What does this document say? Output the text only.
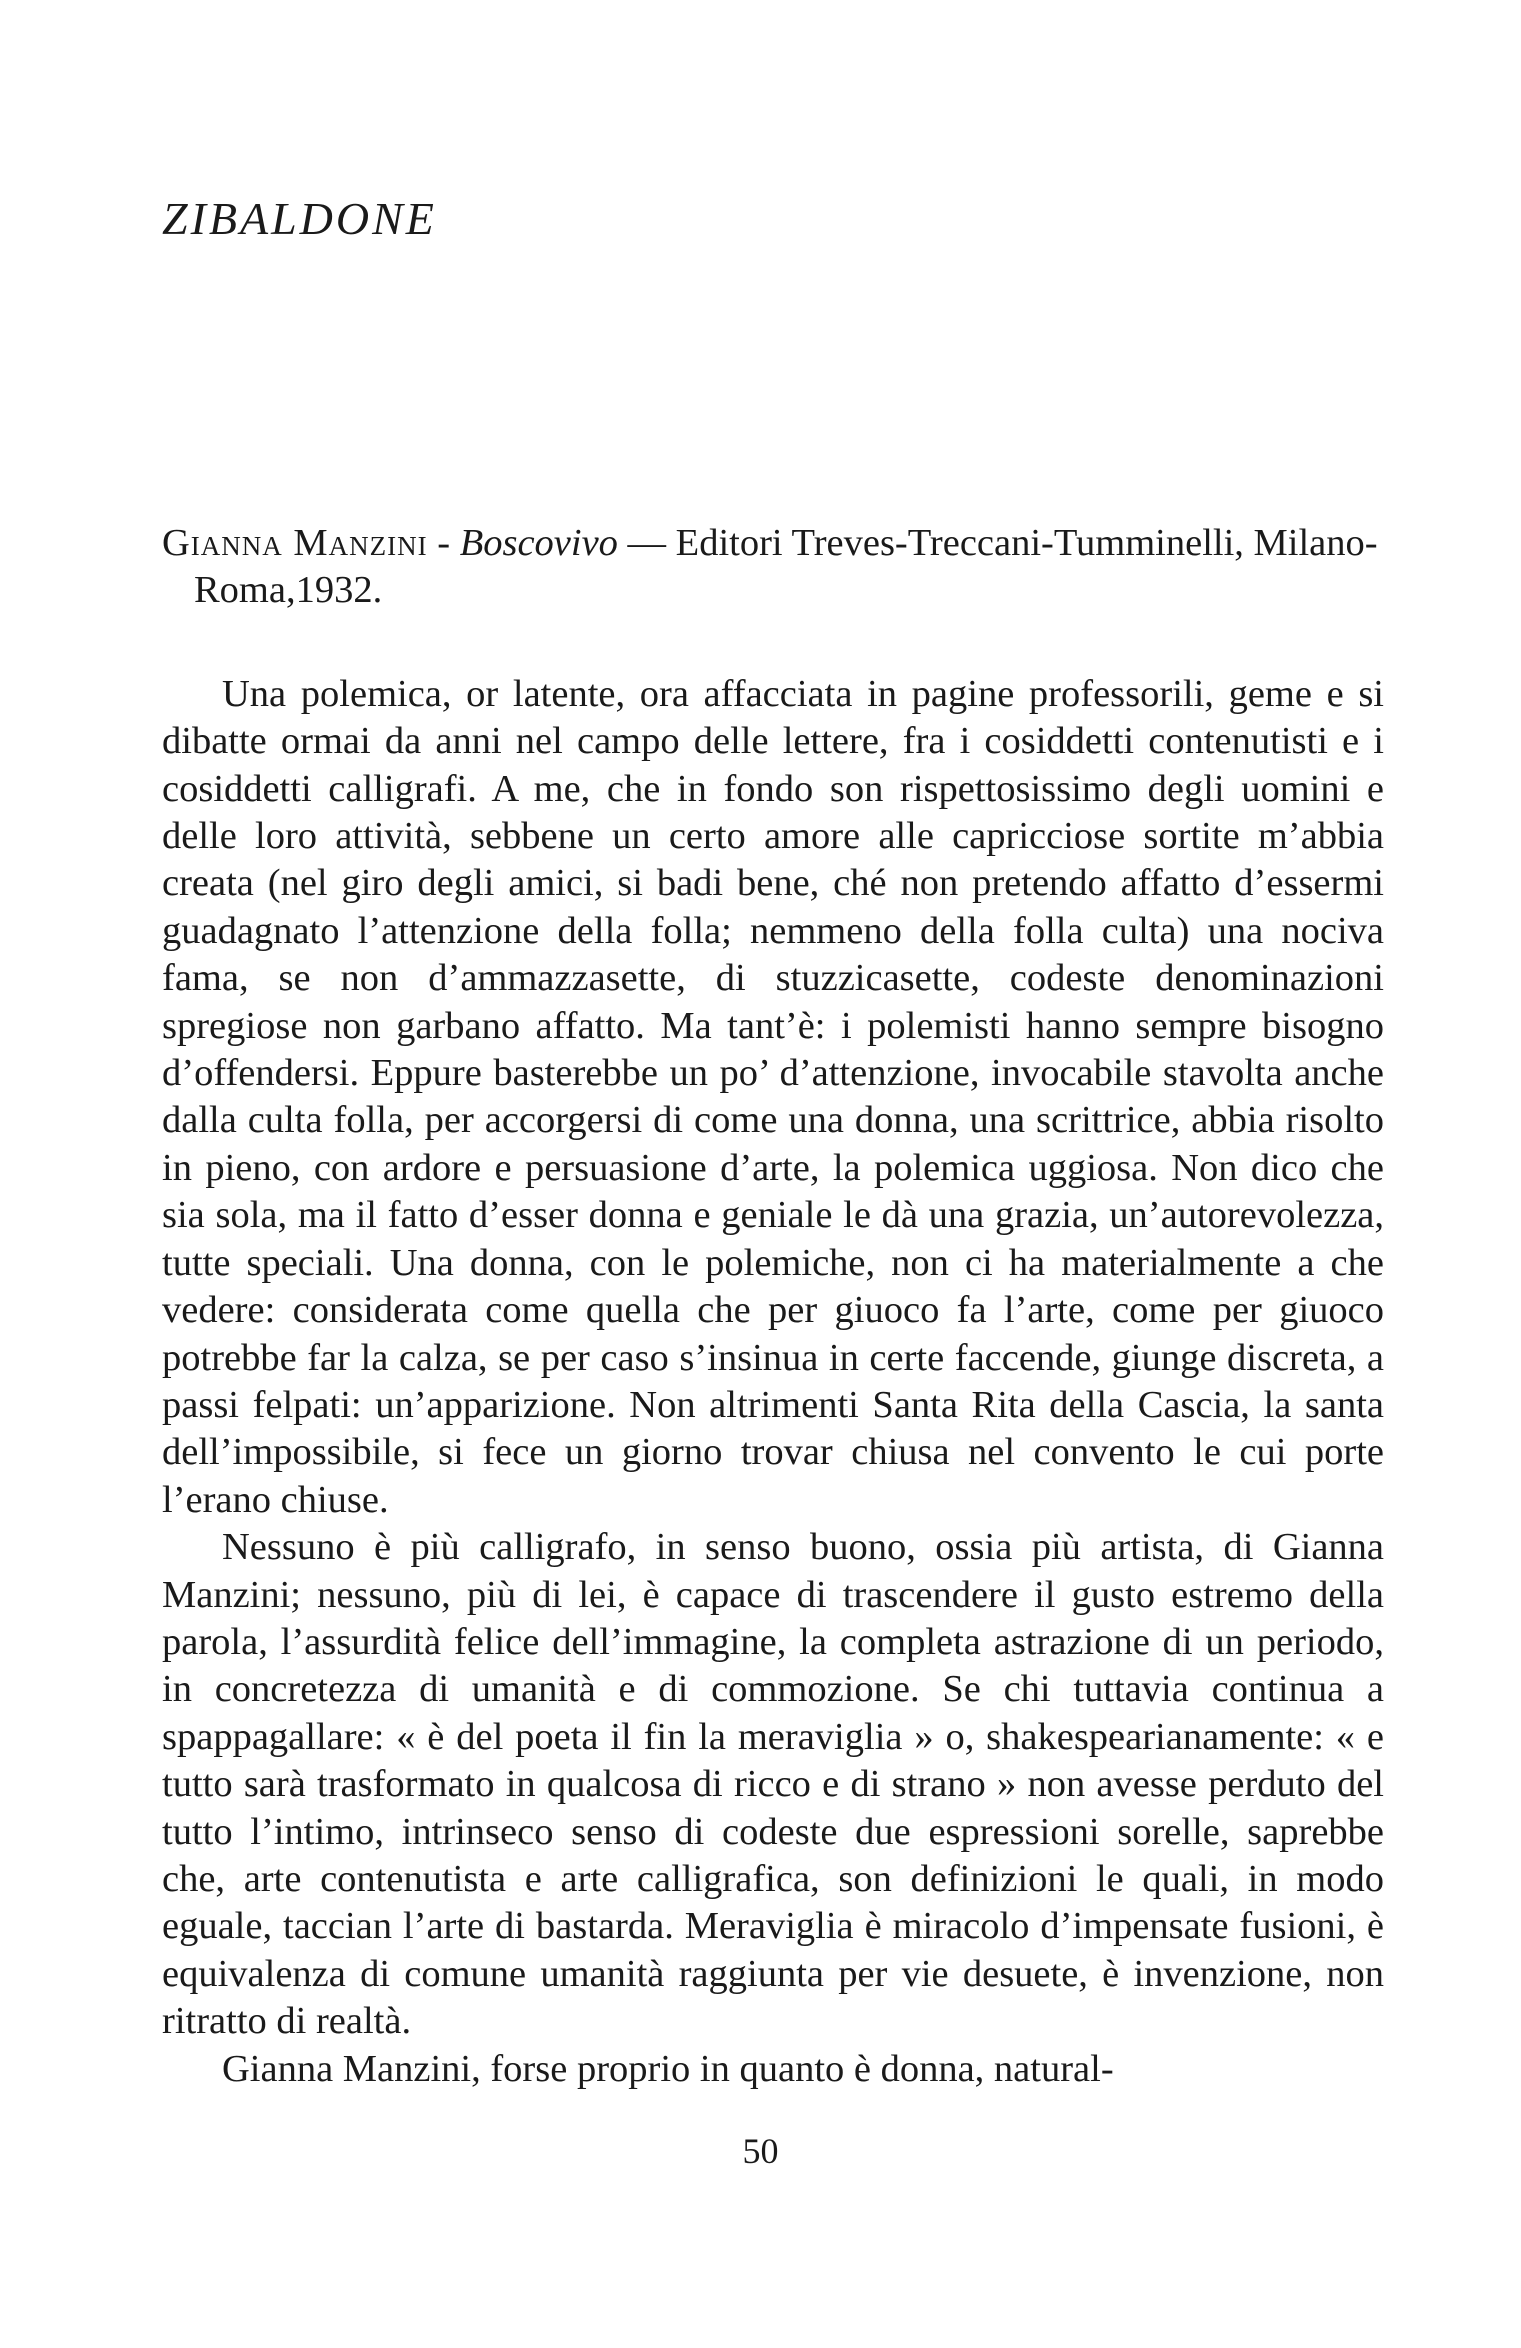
ZIBALDONE

Gianna Manzini - Boscovivo — Editori Treves-Treccani-Tumminelli, Milano-Roma,1932.

Una polemica, or latente, ora affacciata in pagine professorili, geme e si dibatte ormai da anni nel campo delle lettere, fra i cosiddetti contenutisti e i cosiddetti calligrafi. A me, che in fondo son rispettosissimo degli uomini e delle loro attività, sebbene un certo amore alle capricciose sortite m’abbia creata (nel giro degli amici, si badi bene, ché non pretendo affatto d’essermi guadagnato l’attenzione della folla; nemmeno della folla culta) una nociva fama, se non d’ammazzasette, di stuzzicasette, codeste denominazioni spregiose non garbano affatto. Ma tant’è: i polemisti hanno sempre bisogno d’offendersi. Eppure basterebbe un po’ d’attenzione, invocabile stavolta anche dalla culta folla, per accorgersi di come una donna, una scrittrice, abbia risolto in pieno, con ardore e persuasione d’arte, la polemica uggiosa. Non dico che sia sola, ma il fatto d’esser donna e geniale le dà una grazia, un’autorevolezza, tutte speciali. Una donna, con le polemiche, non ci ha materialmente a che vedere: considerata come quella che per giuoco fa l’arte, come per giuoco potrebbe far la calza, se per caso s’insinua in certe faccende, giunge discreta, a passi felpati: un’apparizione. Non altrimenti Santa Rita della Cascia, la santa dell’impossibile, si fece un giorno trovar chiusa nel convento le cui porte l’erano chiuse.

Nessuno è più calligrafo, in senso buono, ossia più artista, di Gianna Manzini; nessuno, più di lei, è capace di trascendere il gusto estremo della parola, l’assurdità felice dell’immagine, la completa astrazione di un periodo, in concretezza di umanità e di commozione. Se chi tuttavia continua a spappagallare: « è del poeta il fin la meraviglia » o, shakespearianamente: « e tutto sarà trasformato in qualcosa di ricco e di strano » non avesse perduto del tutto l’intimo, intrinseco senso di codeste due espressioni sorelle, saprebbe che, arte contenutista e arte calligrafica, son definizioni le quali, in modo eguale, taccian l’arte di bastarda. Meraviglia è miracolo d’impensate fusioni, è equivalenza di comune umanità raggiunta per vie desuete, è invenzione, non ritratto di realtà.

Gianna Manzini, forse proprio in quanto è donna, natural-

50
